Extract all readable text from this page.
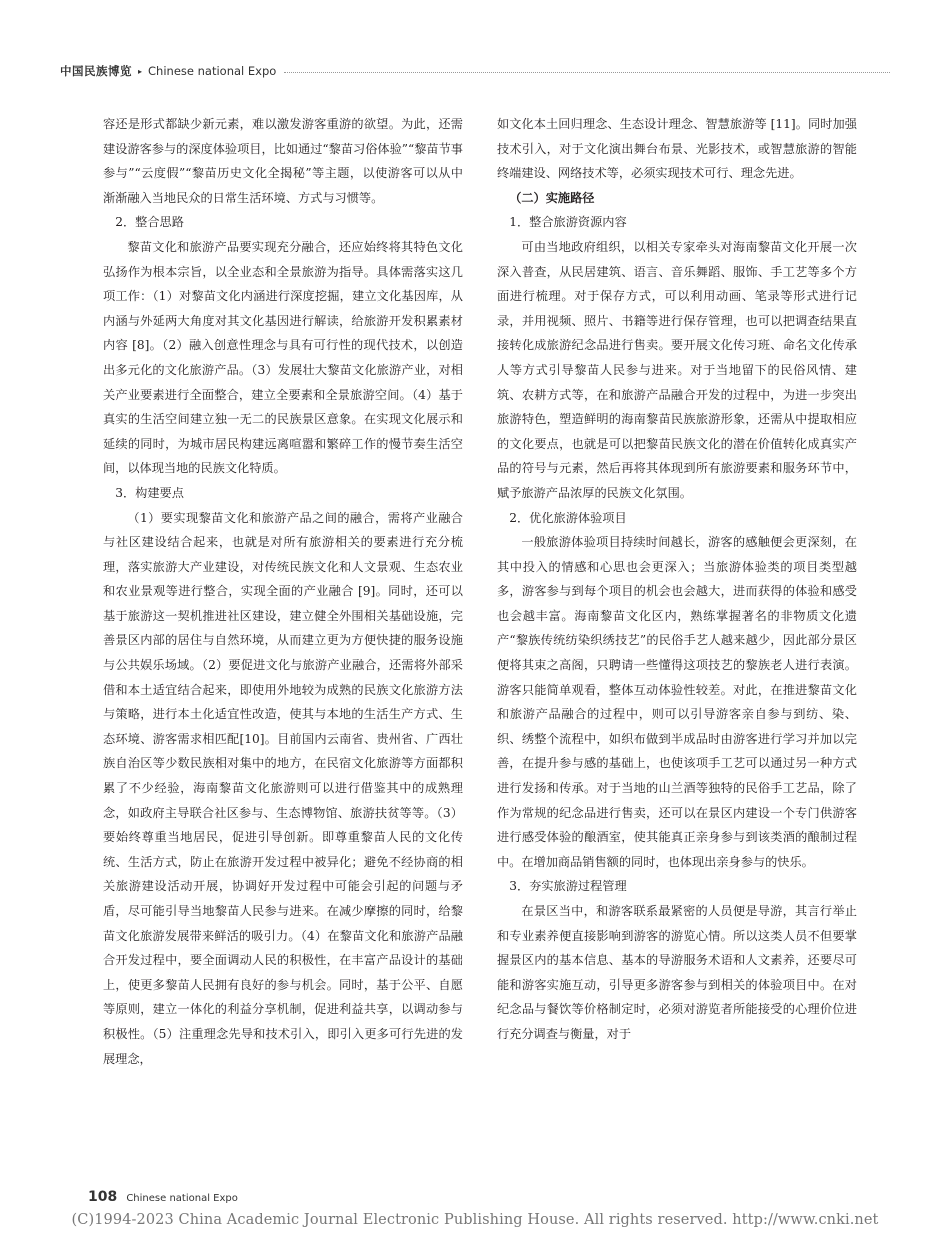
中国民族博览 ▸ Chinese national Expo

容还是形式都缺少新元素，难以激发游客重游的欲望。为此，还需建设游客参与的深度体验项目，比如通过“黎苗习俗体验”“黎苗节事参与”“云度假”“黎苗历史文化全揭秘”等主题，以使游客可以从中渐渐融入当地民众的日常生活环境、方式与习惯等。

2．整合思路

黎苗文化和旅游产品要实现充分融合，还应始终将其特色文化弘扬作为根本宗旨，以全业态和全景旅游为指导。具体需落实这几项工作：（1）对黎苗文化内涵进行深度挖掘，建立文化基因库，从内涵与外延两大角度对其文化基因进行解读，给旅游开发积累素材内容 [8]。（2）融入创意性理念与具有可行性的现代技术，以创造出多元化的文化旅游产品。（3）发展壮大黎苗文化旅游产业，对相关产业要素进行全面整合，建立全要素和全景旅游空间。（4）基于真实的生活空间建立独一无二的民族景区意象。在实现文化展示和延续的同时，为城市居民构建远离喧嚣和繁碎工作的慢节奏生活空间，以体现当地的民族文化特质。

3．构建要点

（1）要实现黎苗文化和旅游产品之间的融合，需将产业融合与社区建设结合起来，也就是对所有旅游相关的要素进行充分梳理，落实旅游大产业建设，对传统民族文化和人文景观、生态农业和农业景观等进行整合，实现全面的产业融合 [9]。同时，还可以基于旅游这一契机推进社区建设，建立健全外围相关基础设施，完善景区内部的居住与自然环境，从而建立更为方便快捷的服务设施与公共娱乐场域。（2）要促进文化与旅游产业融合，还需将外部采借和本土适宜结合起来，即使用外地较为成熟的民族文化旅游方法与策略，进行本土化适宜性改造，使其与本地的生活生产方式、生态环境、游客需求相匹配[10]。目前国内云南省、贵州省、广西壮族自治区等少数民族相对集中的地方，在民宿文化旅游等方面都积累了不少经验，海南黎苗文化旅游则可以进行借鉴其中的成熟理念，如政府主导联合社区参与、生态博物馆、旅游扶贫等等。（3）要始终尊重当地居民，促进引导创新。即尊重黎苗人民的文化传统、生活方式，防止在旅游开发过程中被异化；避免不经协商的相关旅游建设活动开展，协调好开发过程中可能会引起的问题与矛盾，尽可能引导当地黎苗人民参与进来。在减少摩擦的同时，给黎苗文化旅游发展带来鲜活的吸引力。（4）在黎苗文化和旅游产品融合开发过程中，要全面调动人民的积极性，在丰富产品设计的基础上，使更多黎苗人民拥有良好的参与机会。同时，基于公平、自愿等原则，建立一体化的利益分享机制，促进利益共享，以调动参与积极性。（5）注重理念先导和技术引入，即引入更多可行先进的发展理念，

如文化本土回归理念、生态设计理念、智慧旅游等 [11]。同时加强技术引入，对于文化演出舞台布景、光影技术，或智慧旅游的智能终端建设、网络技术等，必须实现技术可行、理念先进。

（二）实施路径

1．整合旅游资源内容

可由当地政府组织，以相关专家牵头对海南黎苗文化开展一次深入普查，从民居建筑、语言、音乐舞蹈、服饰、手工艺等多个方面进行梳理。对于保存方式，可以利用动画、笔录等形式进行记录，并用视频、照片、书籍等进行保存管理，也可以把调查结果直接转化成旅游纪念品进行售卖。要开展文化传习班、命名文化传承人等方式引导黎苗人民参与进来。对于当地留下的民俗风情、建筑、农耕方式等，在和旅游产品融合开发的过程中，为进一步突出旅游特色，塑造鲜明的海南黎苗民族旅游形象，还需从中提取相应的文化要点，也就是可以把黎苗民族文化的潜在价值转化成真实产品的符号与元素，然后再将其体现到所有旅游要素和服务环节中，赋予旅游产品浓厚的民族文化氛围。

2．优化旅游体验项目

一般旅游体验项目持续时间越长，游客的感触便会更深刻，在其中投入的情感和心思也会更深入；当旅游体验类的项目类型越多，游客参与到每个项目的机会也会越大，进而获得的体验和感受也会越丰富。海南黎苗文化区内，熟练掌握著名的非物质文化遗产“黎族传统纺染织绣技艺”的民俗手艺人越来越少，因此部分景区便将其束之高阁，只聘请一些懂得这项技艺的黎族老人进行表演。游客只能简单观看，整体互动体验性较差。对此，在推进黎苗文化和旅游产品融合的过程中，则可以引导游客亲自参与到纺、染、织、绣整个流程中，如织布做到半成品时由游客进行学习并加以完善，在提升参与感的基础上，也使该项手工艺可以通过另一种方式进行发扬和传承。对于当地的山兰酒等独特的民俗手工艺品，除了作为常规的纪念品进行售卖，还可以在景区内建设一个专门供游客进行感受体验的酿酒室，使其能真正亲身参与到该类酒的酿制过程中。在增加商品销售额的同时，也体现出亲身参与的快乐。

3．夯实旅游过程管理

在景区当中，和游客联系最紧密的人员便是导游，其言行举止和专业素养便直接影响到游客的游览心情。所以这类人员不但要掌握景区内的基本信息、基本的导游服务术语和人文素养，还要尽可能和游客实施互动，引导更多游客参与到相关的体验项目中。在对纪念品与餐饮等价格制定时，必须对游览者所能接受的心理价位进行充分调查与衡量，对于

108 Chinese national Expo
(C)1994-2023 China Academic Journal Electronic Publishing House. All rights reserved. http://www.cnki.net
